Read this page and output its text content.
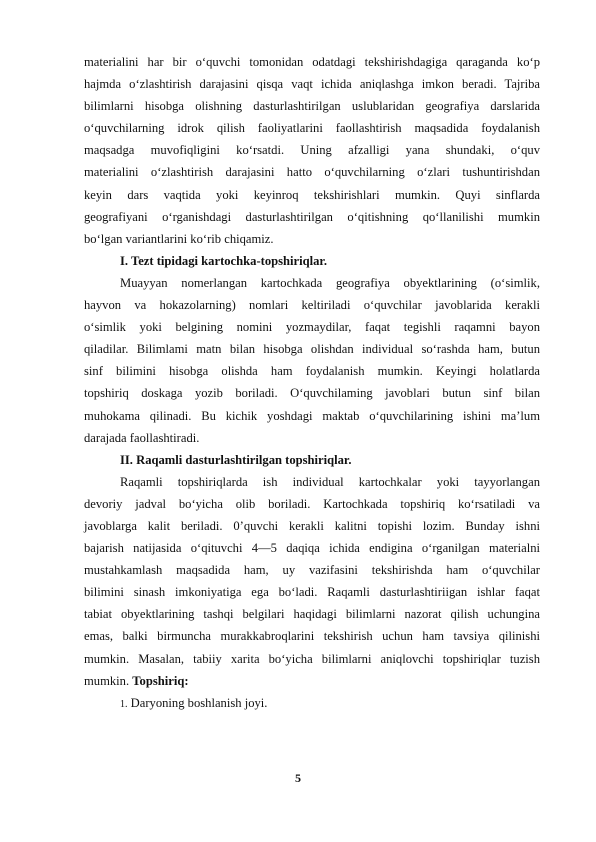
materialini har bir o‘quvchi tomonidan odatdagi tekshirishdagiga qaraganda ko‘p
hajmda o‘zlashtirish darajasini qisqa vaqt ichida aniqlashga imkon beradi. Tajriba
bilimlarni hisobga olishning dasturlashtirilgan uslublaridan geografiya darslarida
o‘quvchilarning idrok qilish faoliyatlarini faollashtirish maqsadida foydalanish
maqsadga muvofiqligini ko‘rsatdi. Uning afzalligi yana shundaki, o‘quv
materialini o‘zlashtirish darajasini hatto o‘quvchilarning o‘zlari tushuntirishdan
keyin dars vaqtida yoki keyinroq tekshirishlari mumkin. Quyi sinflarda
geografiyani o‘rganishdagi dasturlashtirilgan o‘qitishning qo‘llanilishi mumkin
bo‘lgan variantlarini ko‘rib chiqamiz.

I. Tezt tipidagi kartochka-topshiriqlar.

Muayyan nomerlangan kartochkada geografiya obyektlarining (o‘simlik,
hayvon va hokazolarning) nomlari keltiriladi o‘quvchilar javoblarida kerakli
o‘simlik yoki belgining nomini yozmaydilar, faqat tegishli raqamni bayon
qiladilar. Bilimlami matn bilan hisobga olishdan individual so‘rashda ham, butun
sinf bilimini hisobga olishda ham foydalanish mumkin. Keyingi holatlarda
topshiriq doskaga yozib boriladi. O‘quvchilaming javoblari butun sinf bilan
muhokama qilinadi. Bu kichik yoshdagi maktab o‘quvchilarining ishini ma’lum
darajada faollashtiradi.

II. Raqamli dasturlashtirilgan topshiriqlar.

Raqamli topshiriqlarda ish individual kartochkalar yoki tayyorlangan
devoriy jadval bo‘yicha olib boriladi. Kartochkada topshiriq ko‘rsatiladi va
javoblarga kalit beriladi. 0’quvchi kerakli kalitni topishi lozim. Bunday ishni
bajarish natijasida o‘qituvchi 4—5 daqiqa ichida endigina o‘rganilgan materialni
mustahkamlash maqsadida ham, uy vazifasini tekshirishda ham o‘quvchilar
bilimini sinash imkoniyatiga ega bo‘ladi. Raqamli dasturlashtiriigan ishlar faqat
tabiat obyektlarining tashqi belgilari haqidagi bilimlarni nazorat qilish uchungina
emas, balki birmuncha murakkabroqlarini tekshirish uchun ham tavsiya qilinishi
mumkin. Masalan, tabiiy xarita bo‘yicha bilimlarni aniqlovchi topshiriqlar tuzish
mumkin. Topshiriq:
1. Daryoning boshlanish joyi.
5
